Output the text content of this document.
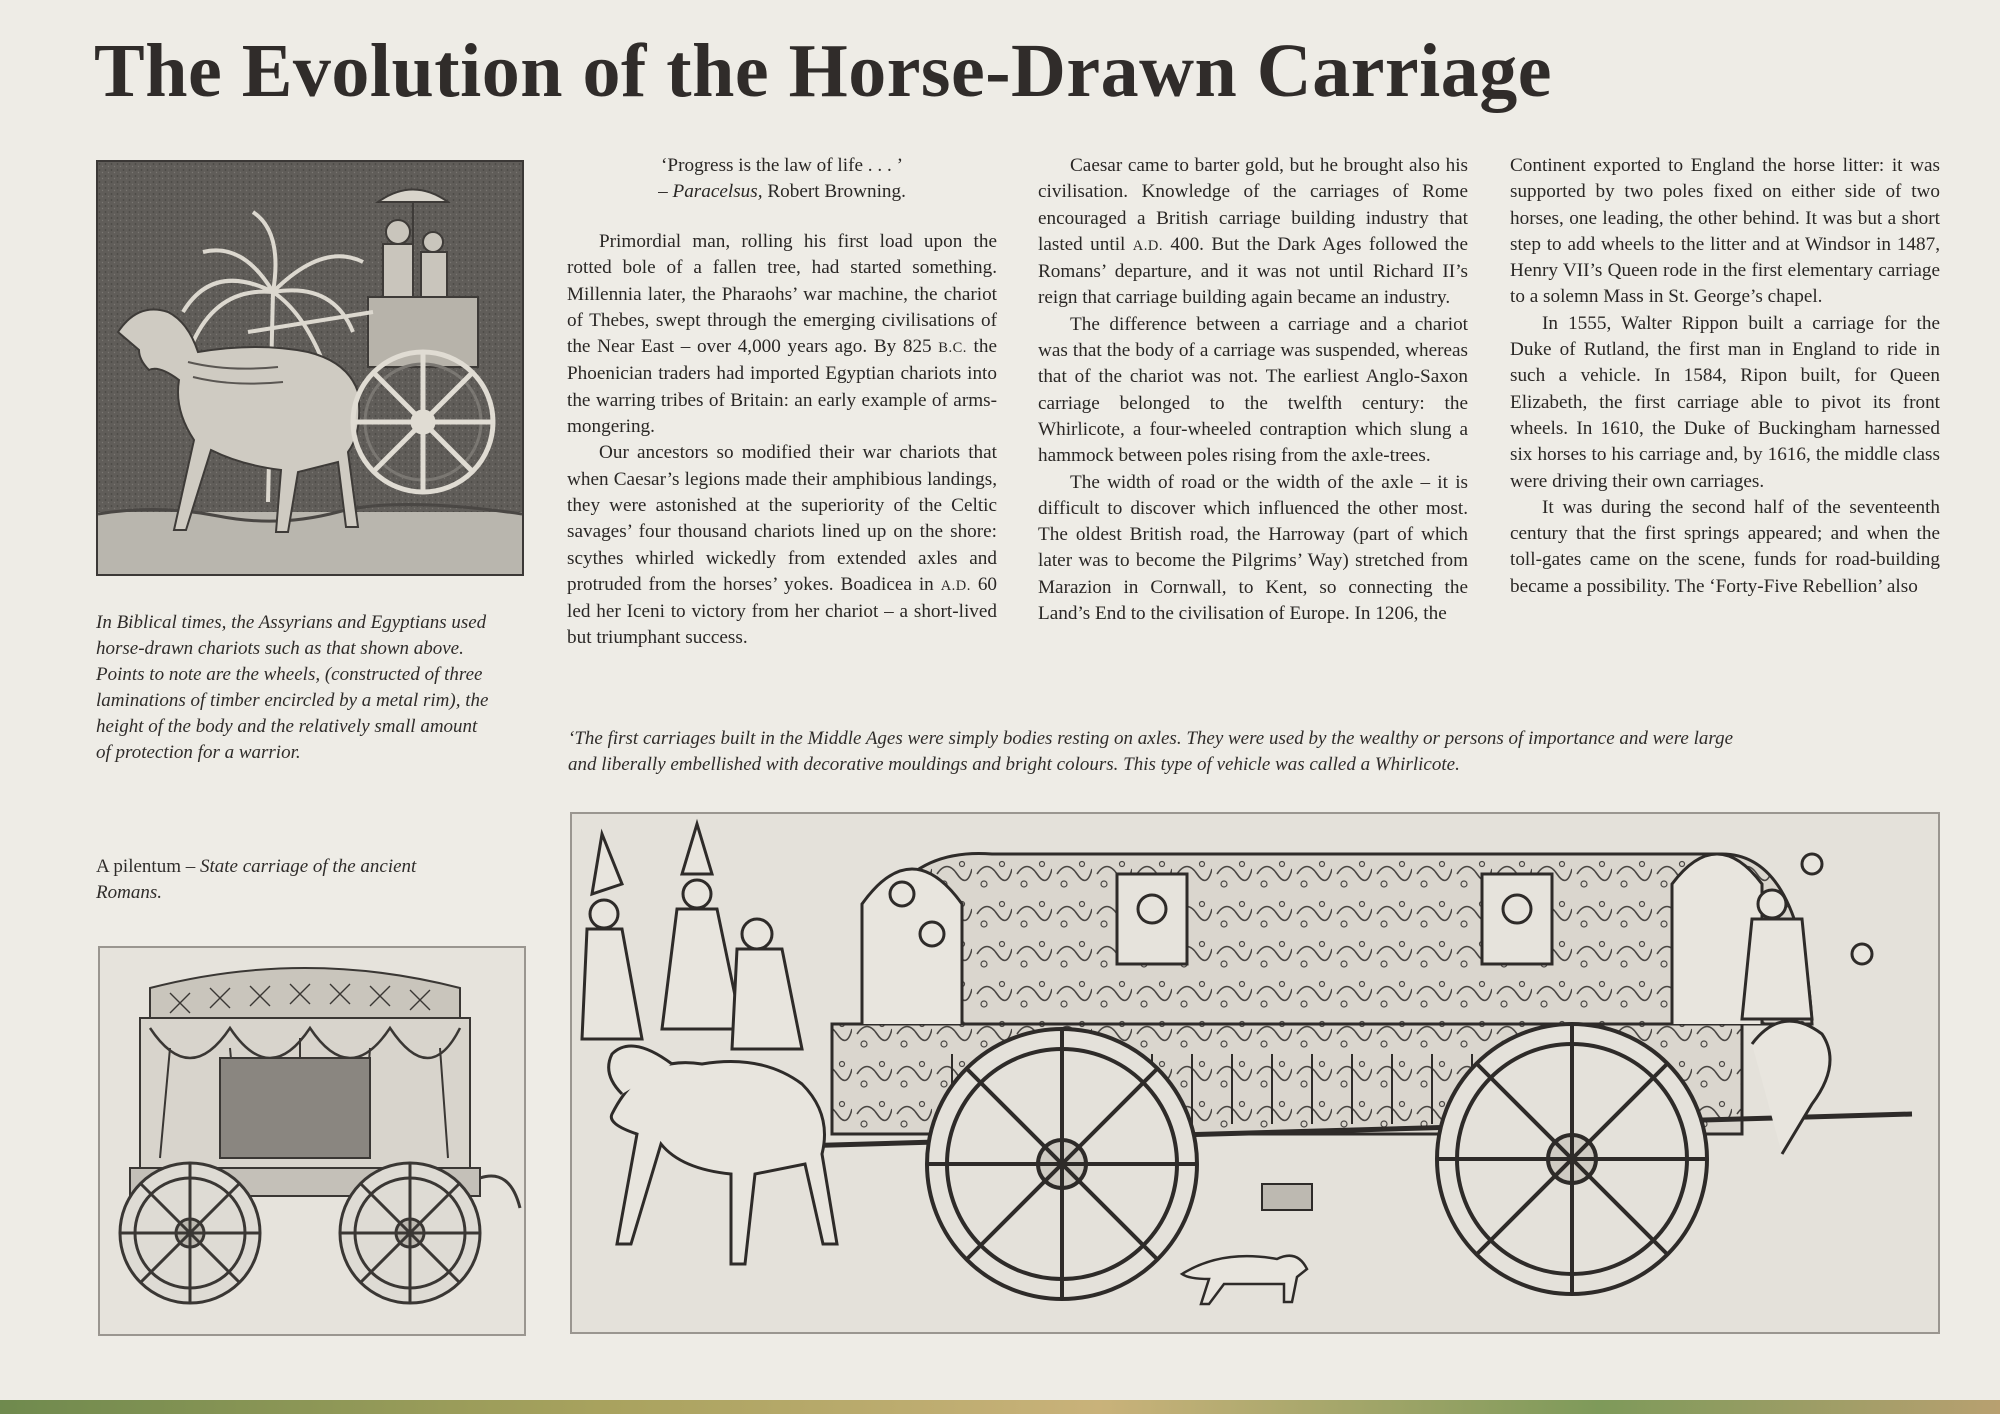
The Evolution of the Horse-Drawn Carriage
In Biblical times, the Assyrians and Egyptians used horse-drawn chariots such as that shown above. Points to note are the wheels, (constructed of three laminations of timber encircled by a metal rim), the height of the body and the relatively small amount of protection for a warrior.
A pilentum – State carriage of the ancient Romans.
‘Progress is the law of life . . . ’
– Paracelsus, Robert Browning.

Primordial man, rolling his first load upon the rotted bole of a fallen tree, had started something. Millennia later, the Pharaohs’ war machine, the chariot of Thebes, swept through the emerging civilisations of the Near East – over 4,000 years ago. By 825 B.C. the Phoenician traders had imported Egyptian chariots into the warring tribes of Britain: an early example of arms-mongering.

Our ancestors so modified their war chariots that when Caesar’s legions made their amphibious landings, they were astonished at the superiority of the Celtic savages’ four thousand chariots lined up on the shore: scythes whirled wickedly from extended axles and protruded from the horses’ yokes. Boadicea in A.D. 60 led her Iceni to victory from her chariot – a short-lived but triumphant success.

Caesar came to barter gold, but he brought also his civilisation. Knowledge of the carriages of Rome encouraged a British carriage building industry that lasted until A.D. 400. But the Dark Ages followed the Romans’ departure, and it was not until Richard II’s reign that carriage building again became an industry.

The difference between a carriage and a chariot was that the body of a carriage was suspended, whereas that of the chariot was not. The earliest Anglo-Saxon carriage belonged to the twelfth century: the Whirlicote, a four-wheeled contraption which slung a hammock between poles rising from the axle-trees.

The width of road or the width of the axle – it is difficult to discover which influenced the other most. The oldest British road, the Harroway (part of which later was to become the Pilgrims’ Way) stretched from Marazion in Cornwall, to Kent, so connecting the Land’s End to the civilisation of Europe. In 1206, the

Continent exported to England the horse litter: it was supported by two poles fixed on either side of two horses, one leading, the other behind. It was but a short step to add wheels to the litter and at Windsor in 1487, Henry VII’s Queen rode in the first elementary carriage to a solemn Mass in St. George’s chapel.

In 1555, Walter Rippon built a carriage for the Duke of Rutland, the first man in England to ride in such a vehicle. In 1584, Ripon built, for Queen Elizabeth, the first carriage able to pivot its front wheels. In 1610, the Duke of Buckingham harnessed six horses to his carriage and, by 1616, the middle class were driving their own carriages.

It was during the second half of the seventeenth century that the first springs appeared; and when the toll-gates came on the scene, funds for road-building became a possibility. The ‘Forty-Five Rebellion’ also

‘The first carriages built in the Middle Ages were simply bodies resting on axles. They were used by the wealthy or persons of importance and were large and liberally embellished with decorative mouldings and bright colours. This type of vehicle was called a Whirlicote.
